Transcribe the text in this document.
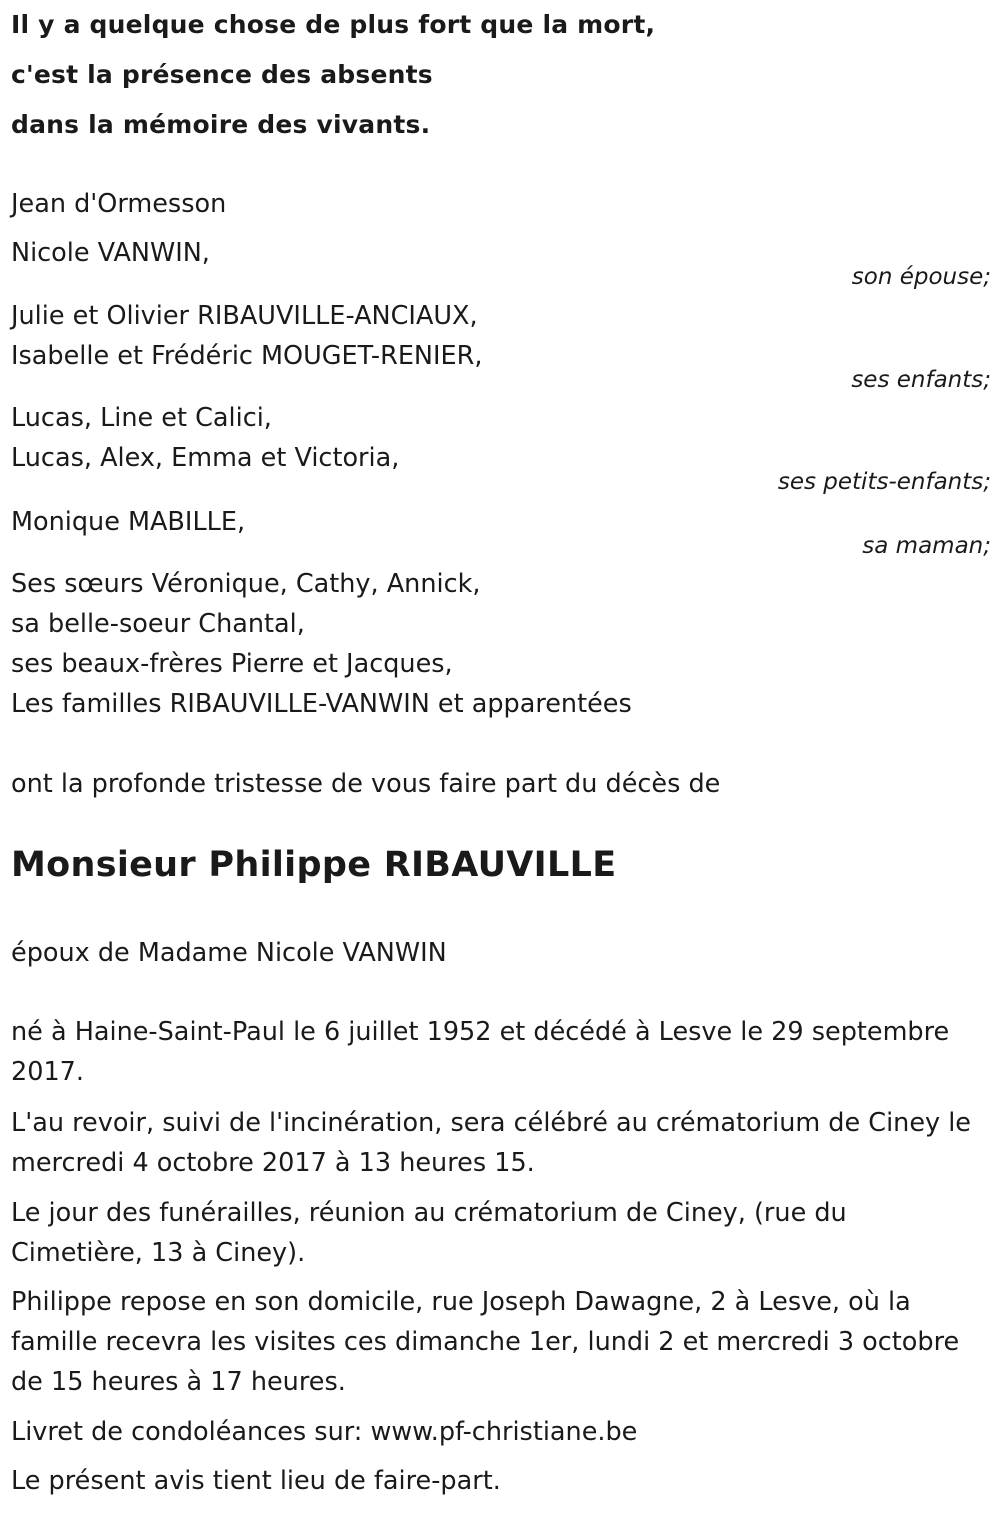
Il y a quelque chose de plus fort que la mort,
c'est la présence des absents
dans la mémoire des vivants.
Jean d'Ormesson
Nicole VANWIN,
son épouse;
Julie et Olivier RIBAUVILLE-ANCIAUX,
Isabelle et Frédéric MOUGET-RENIER,
ses enfants;
Lucas, Line et Calici,
Lucas, Alex, Emma et Victoria,
ses petits-enfants;
Monique MABILLE,
sa maman;
Ses sœurs Véronique, Cathy, Annick,
sa belle-soeur Chantal,
ses beaux-frères Pierre et Jacques,
Les familles RIBAUVILLE-VANWIN et apparentées
ont la profonde tristesse de vous faire part du décès de
Monsieur Philippe RIBAUVILLE
époux de Madame Nicole VANWIN
né à Haine-Saint-Paul le 6 juillet 1952 et décédé à Lesve le 29 septembre 2017.
L'au revoir, suivi de l'incinération, sera célébré au crématorium de Ciney le mercredi 4 octobre 2017 à 13 heures 15.
Le jour des funérailles, réunion au crématorium de Ciney, (rue du Cimetière, 13 à Ciney).
Philippe repose en son domicile, rue Joseph Dawagne, 2 à Lesve, où la famille recevra les visites ces dimanche 1er, lundi 2 et mercredi 3 octobre de 15 heures à 17 heures.
Livret de condoléances sur: www.pf-christiane.be
Le présent avis tient lieu de faire-part.
